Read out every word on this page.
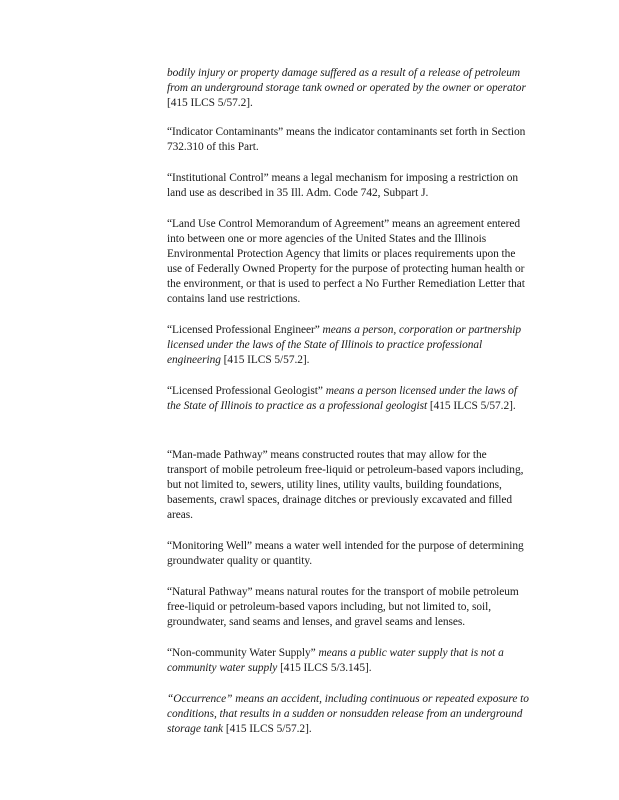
bodily injury or property damage suffered as a result of a release of petroleum from an underground storage tank owned or operated by the owner or operator [415 ILCS 5/57.2].

“Indicator Contaminants” means the indicator contaminants set forth in Section 732.310 of this Part.

“Institutional Control” means a legal mechanism for imposing a restriction on land use as described in 35 Ill. Adm. Code 742, Subpart J.

“Land Use Control Memorandum of Agreement” means an agreement entered into between one or more agencies of the United States and the Illinois Environmental Protection Agency that limits or places requirements upon the use of Federally Owned Property for the purpose of protecting human health or the environment, or that is used to perfect a No Further Remediation Letter that contains land use restrictions.

“Licensed Professional Engineer” means a person, corporation or partnership licensed under the laws of the State of Illinois to practice professional engineering [415 ILCS 5/57.2].

“Licensed Professional Geologist” means a person licensed under the laws of the State of Illinois to practice as a professional geologist [415 ILCS 5/57.2].

“Man-made Pathway” means constructed routes that may allow for the transport of mobile petroleum free-liquid or petroleum-based vapors including, but not limited to, sewers, utility lines, utility vaults, building foundations, basements, crawl spaces, drainage ditches or previously excavated and filled areas.

“Monitoring Well” means a water well intended for the purpose of determining groundwater quality or quantity.

“Natural Pathway” means natural routes for the transport of mobile petroleum free-liquid or petroleum-based vapors including, but not limited to, soil, groundwater, sand seams and lenses, and gravel seams and lenses.

“Non-community Water Supply” means a public water supply that is not a community water supply [415 ILCS 5/3.145].

“Occurrence” means an accident, including continuous or repeated exposure to conditions, that results in a sudden or nonsudden release from an underground storage tank [415 ILCS 5/57.2].
